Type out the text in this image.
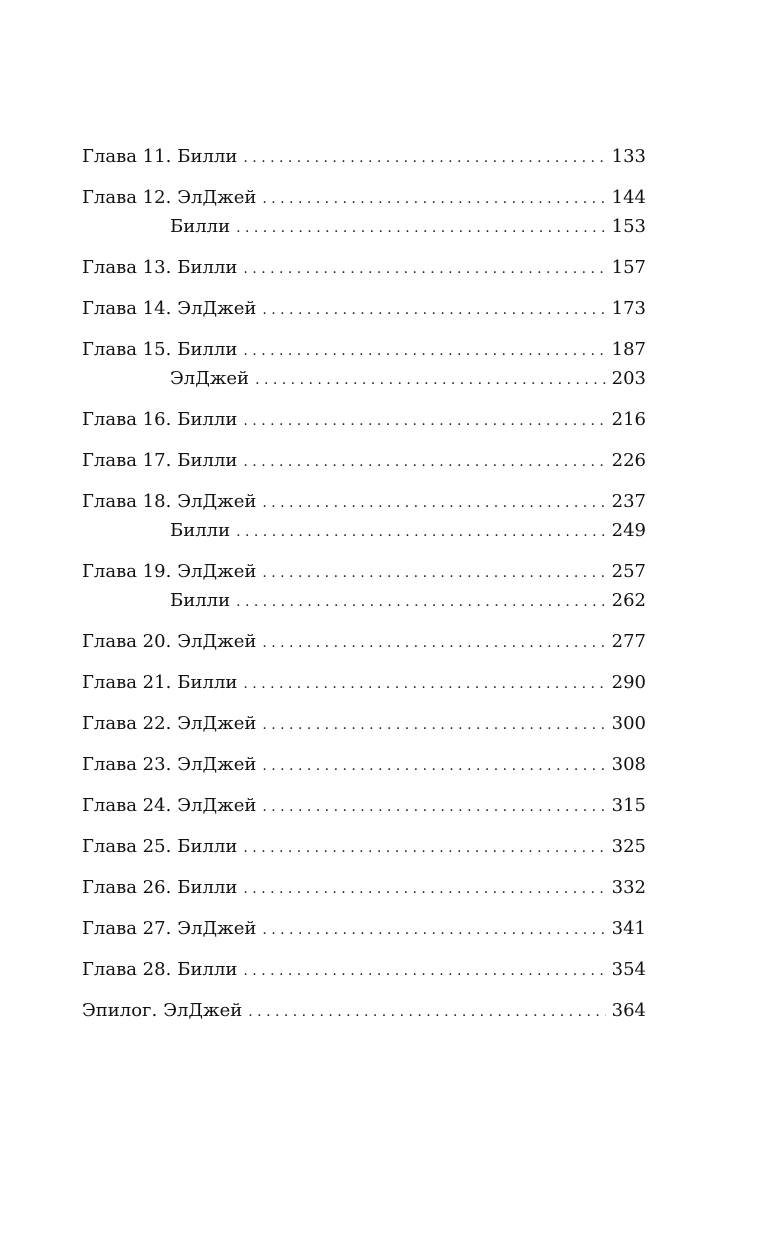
Глава 11. Билли . . .	133
Глава 12. ЭлДжей . . .	144
Билли . . .	153
Глава 13. Билли . . .	157
Глава 14. ЭлДжей . . .	173
Глава 15. Билли . . .	187
ЭлДжей . . .	203
Глава 16. Билли . . .	216
Глава 17. Билли . . .	226
Глава 18. ЭлДжей . . .	237
Билли . . .	249
Глава 19. ЭлДжей . . .	257
Билли . . .	262
Глава 20. ЭлДжей . . .	277
Глава 21. Билли . . .	290
Глава 22. ЭлДжей . . .	300
Глава 23. ЭлДжей . . .	308
Глава 24. ЭлДжей . . .	315
Глава 25. Билли . . .	325
Глава 26. Билли . . .	332
Глава 27. ЭлДжей . . .	341
Глава 28. Билли . . .	354
Эпилог. ЭлДжей . . .	364
